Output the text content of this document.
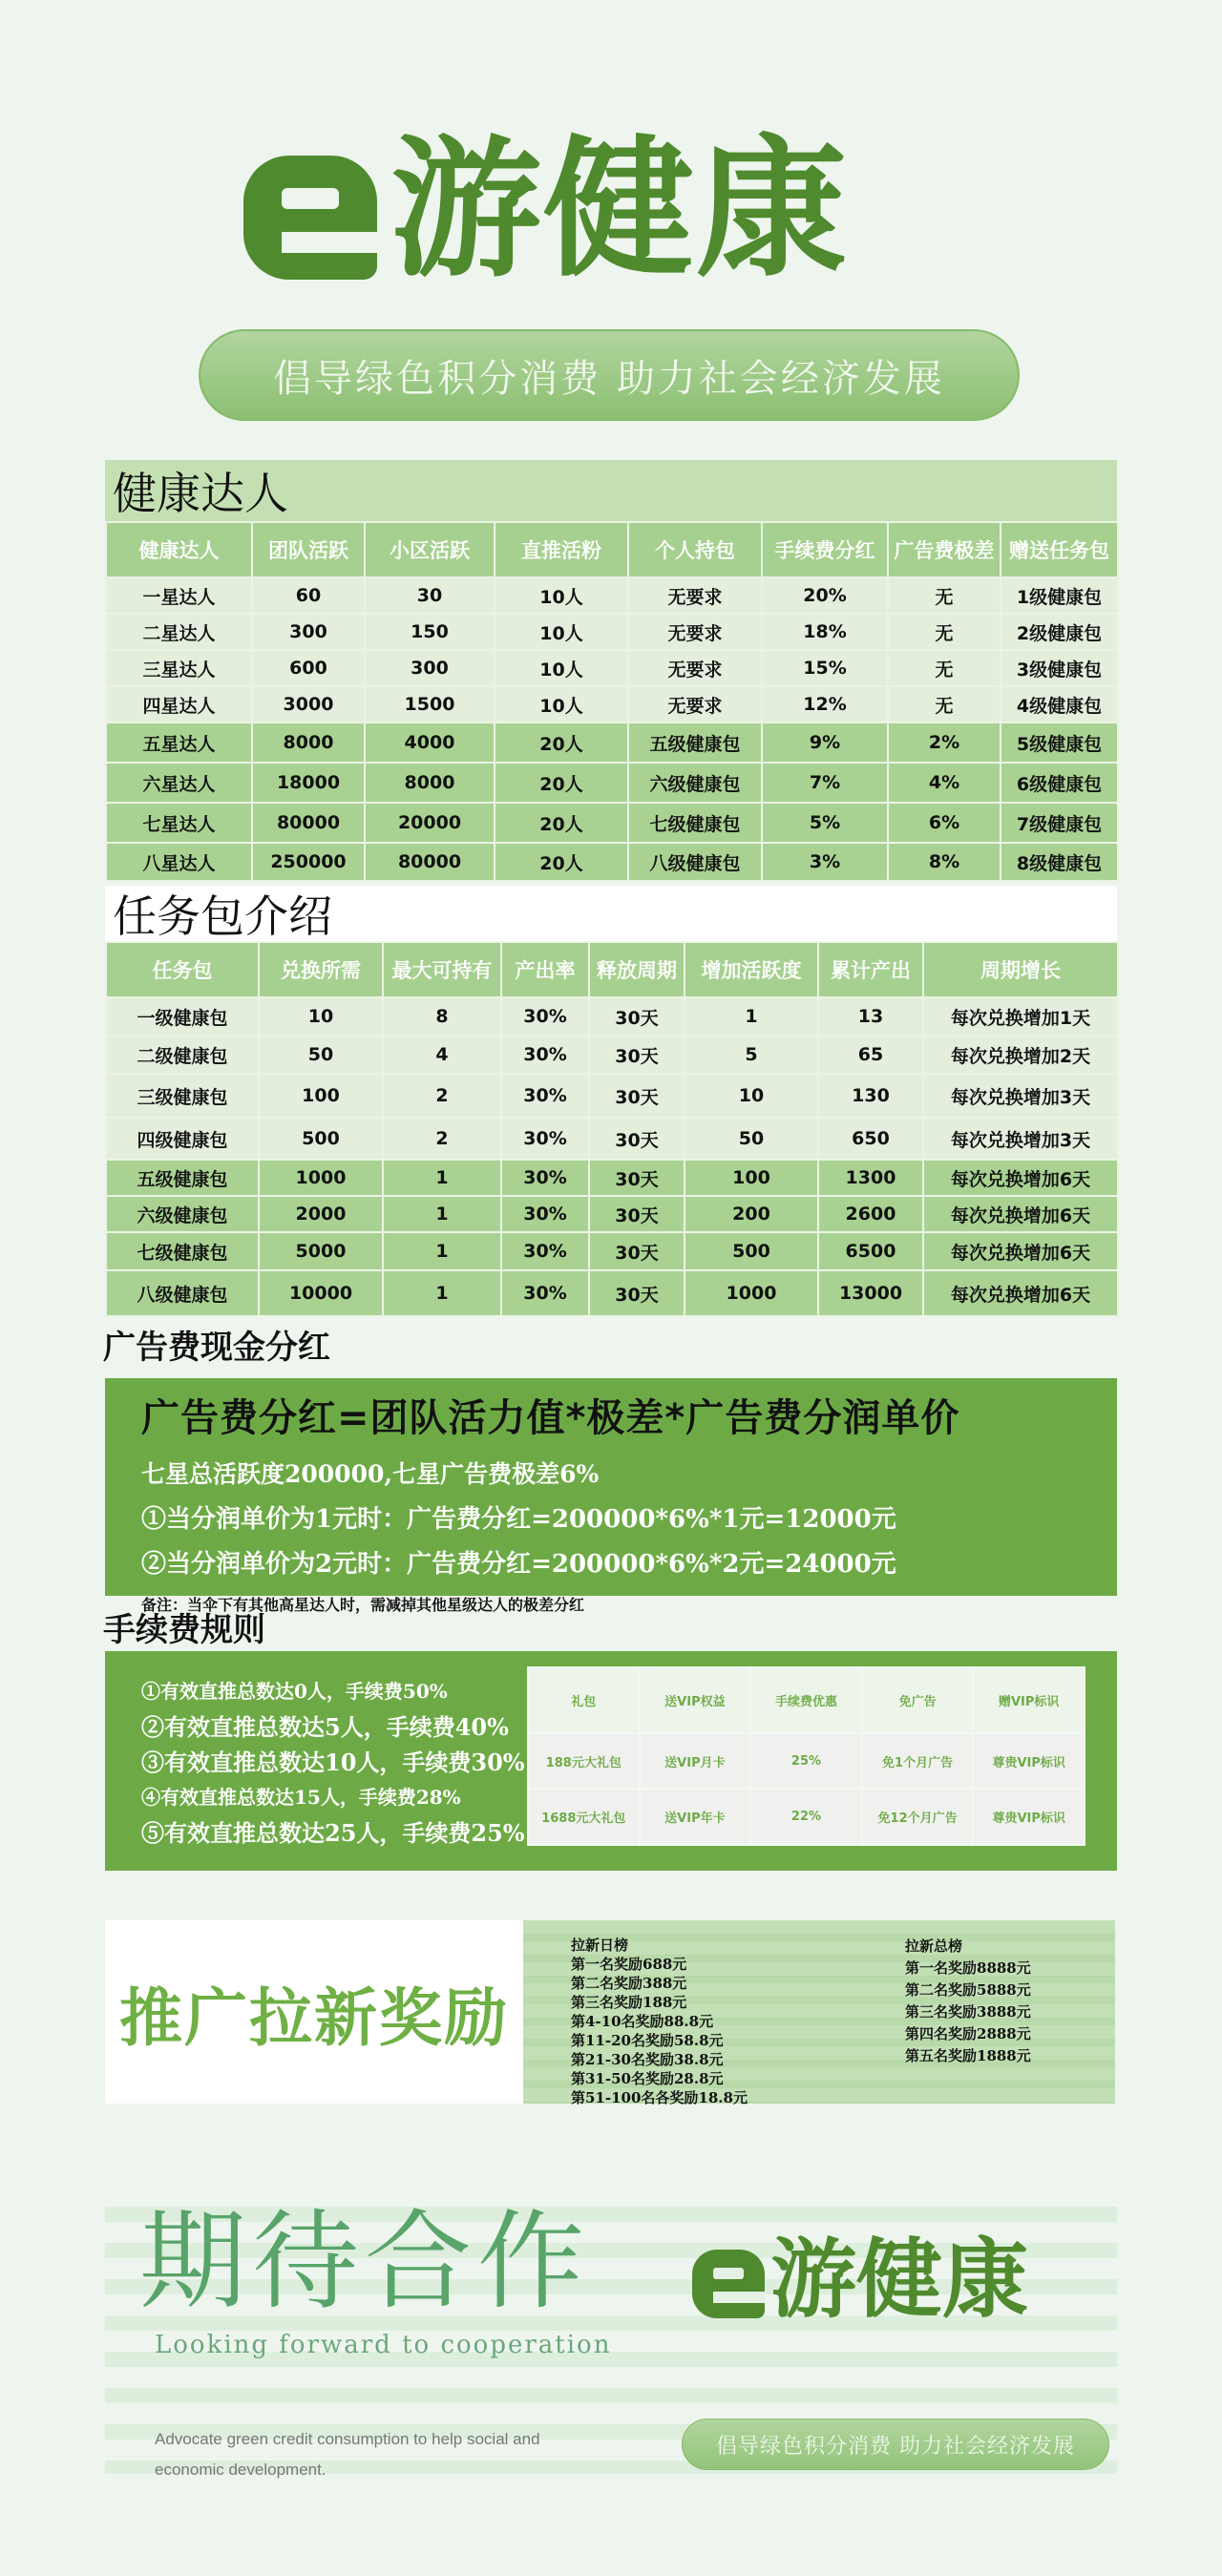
游健康
倡导绿色积分消费 助力社会经济发展
健康达人
健康达人	团队活跃	小区活跃	直推活粉	个人持包	手续费分红	广告费极差	赠送任务包
一星达人	60	30	10人	无要求	20%	无	1级健康包
二星达人	300	150	10人	无要求	18%	无	2级健康包
三星达人	600	300	10人	无要求	15%	无	3级健康包
四星达人	3000	1500	10人	无要求	12%	无	4级健康包
五星达人	8000	4000	20人	五级健康包	9%	2%	5级健康包
六星达人	18000	8000	20人	六级健康包	7%	4%	6级健康包
七星达人	80000	20000	20人	七级健康包	5%	6%	7级健康包
八星达人	250000	80000	20人	八级健康包	3%	8%	8级健康包
任务包介绍
任务包	兑换所需	最大可持有	产出率	释放周期	增加活跃度	累计产出	周期增长
一级健康包	10	8	30%	30天	1	13	每次兑换增加1天
二级健康包	50	4	30%	30天	5	65	每次兑换增加2天
三级健康包	100	2	30%	30天	10	130	每次兑换增加3天
四级健康包	500	2	30%	30天	50	650	每次兑换增加3天
五级健康包	1000	1	30%	30天	100	1300	每次兑换增加6天
六级健康包	2000	1	30%	30天	200	2600	每次兑换增加6天
七级健康包	5000	1	30%	30天	500	6500	每次兑换增加6天
八级健康包	10000	1	30%	30天	1000	13000	每次兑换增加6天
广告费现金分红
广告费分红=团队活力值*极差*广告费分润单价
七星总活跃度200000,七星广告费极差6%
①当分润单价为1元时：广告费分红=200000*6%*1元=12000元
②当分润单价为2元时：广告费分红=200000*6%*2元=24000元
备注：当伞下有其他高星达人时，需减掉其他星级达人的极差分红
手续费规则
①有效直推总数达0人，手续费50%
②有效直推总数达5人，手续费40%
③有效直推总数达10人，手续费30%
④有效直推总数达15人，手续费28%
⑤有效直推总数达25人，手续费25%
礼包	送VIP权益	手续费优惠	免广告	赠VIP标识
188元大礼包	送VIP月卡	25%	免1个月广告	尊贵VIP标识
1688元大礼包	送VIP年卡	22%	免12个月广告	尊贵VIP标识
推广拉新奖励
拉新日榜
第一名奖励688元
第二名奖励388元
第三名奖励188元
第4-10名奖励88.8元
第11-20名奖励58.8元
第21-30名奖励38.8元
第31-50名奖励28.8元
第51-100名各奖励18.8元
拉新总榜
第一名奖励8888元
第二名奖励5888元
第三名奖励3888元
第四名奖励2888元
第五名奖励1888元
期待合作
Looking forward to cooperation
游健康
Advocate green credit consumption to help social and economic development.
倡导绿色积分消费 助力社会经济发展
